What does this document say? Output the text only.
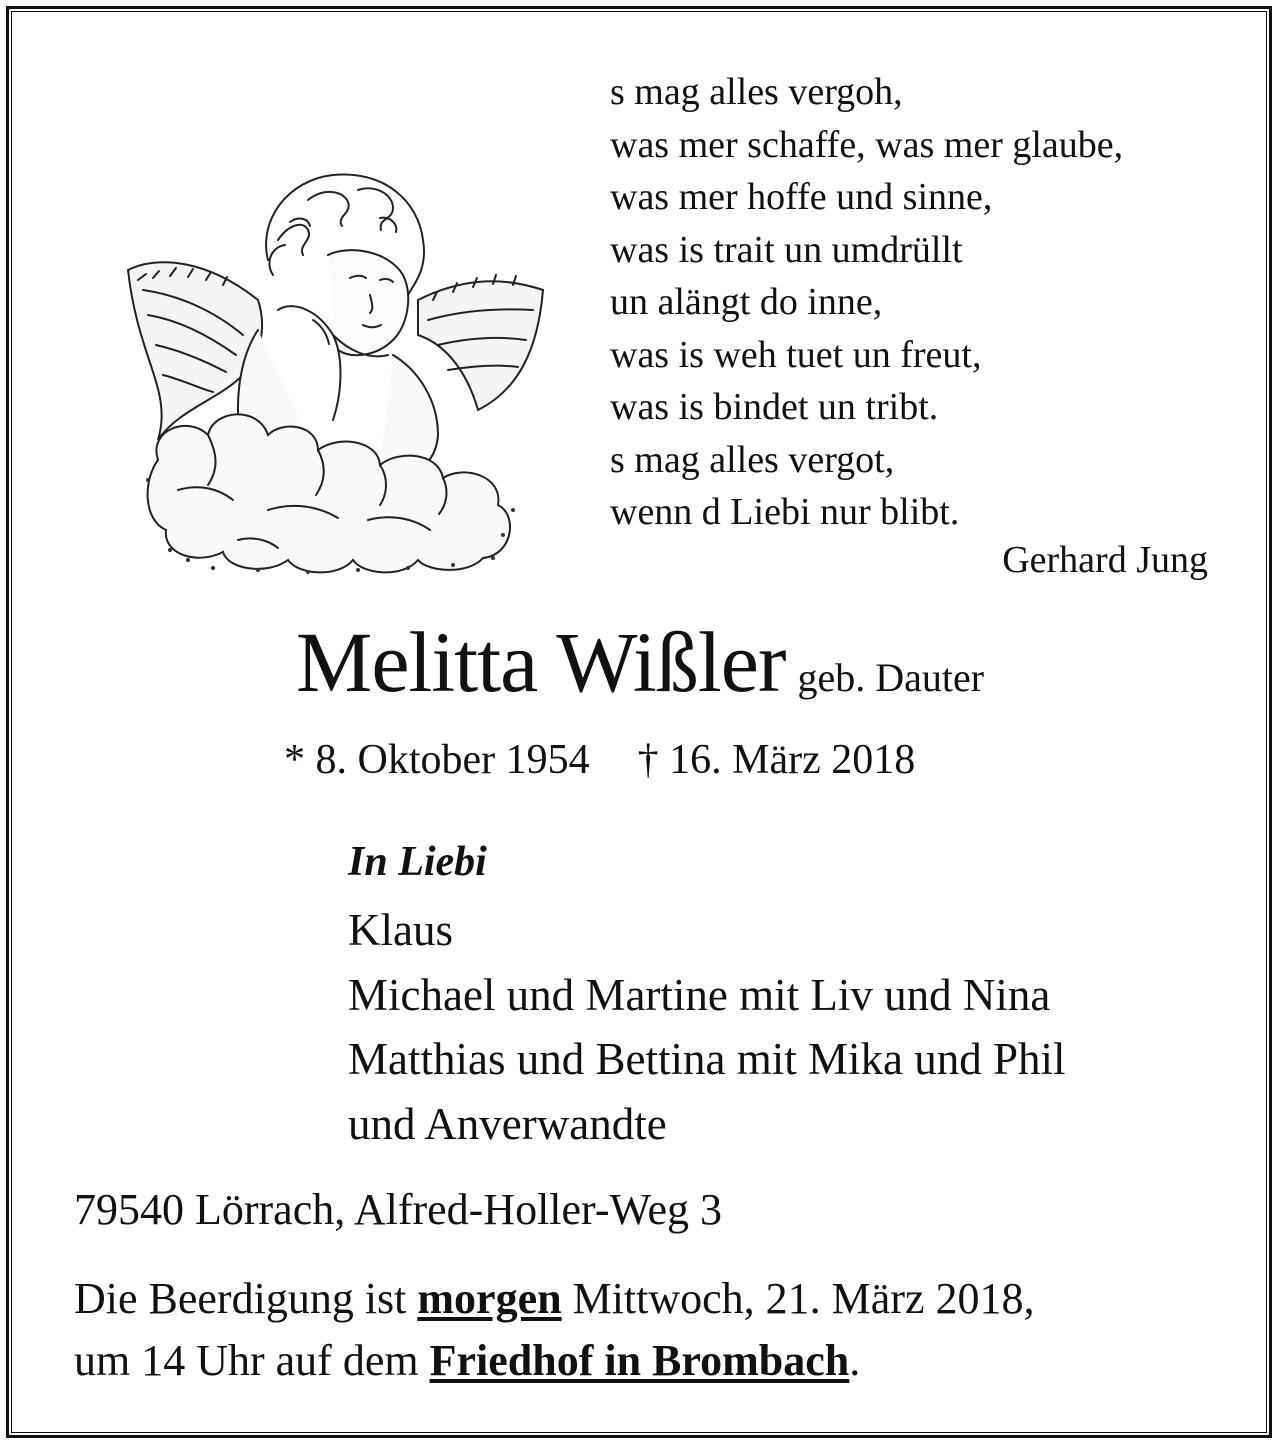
s mag alles vergoh,
was mer schaffe, was mer glaube,
was mer hoffe und sinne,
was is trait un umdrüllt
un alängt do inne,
was is weh tuet un freut,
was is bindet un tribt.
s mag alles vergot,
wenn d Liebi nur blibt.
Gerhard Jung
Melitta Wißler geb. Dauter
* 8. Oktober 1954 † 16. März 2018
In Liebi
Klaus
Michael und Martine mit Liv und Nina
Matthias und Bettina mit Mika und Phil
und Anverwandte
79540 Lörrach, Alfred-Holler-Weg 3
Die Beerdigung ist morgen Mittwoch, 21. März 2018,
um 14 Uhr auf dem Friedhof in Brombach.
